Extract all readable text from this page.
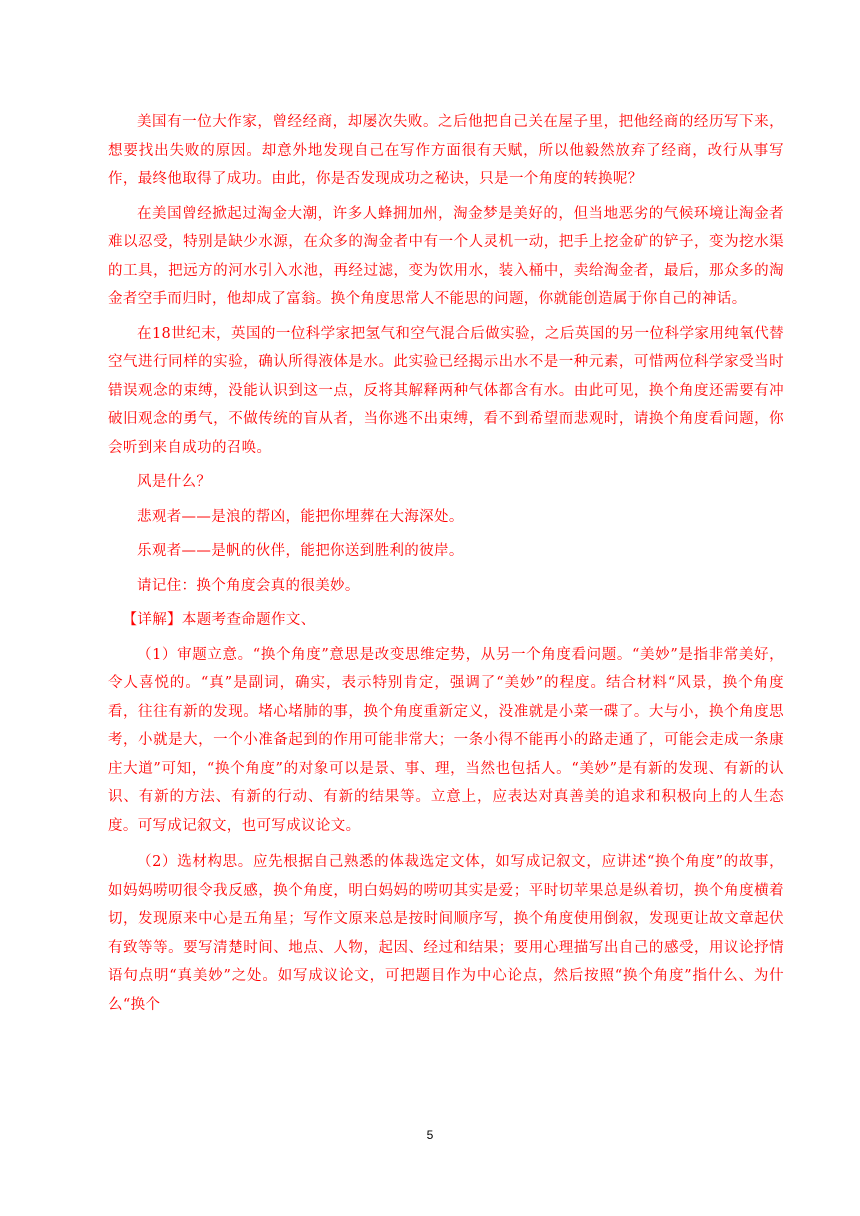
美国有一位大作家，曾经经商，却屡次失败。之后他把自己关在屋子里，把他经商的经历写下来，想要找出失败的原因。却意外地发现自己在写作方面很有天赋，所以他毅然放弃了经商，改行从事写作，最终他取得了成功。由此，你是否发现成功之秘诀，只是一个角度的转换呢？

在美国曾经掀起过淘金大潮，许多人蜂拥加州，淘金梦是美好的，但当地恶劣的气候环境让淘金者难以忍受，特别是缺少水源，在众多的淘金者中有一个人灵机一动，把手上挖金矿的铲子，变为挖水渠的工具，把远方的河水引入水池，再经过滤，变为饮用水，装入桶中，卖给淘金者，最后，那众多的淘金者空手而归时，他却成了富翁。换个角度思常人不能思的问题，你就能创造属于你自己的神话。

在18世纪末，英国的一位科学家把氢气和空气混合后做实验，之后英国的另一位科学家用纯氧代替空气进行同样的实验，确认所得液体是水。此实验已经揭示出水不是一种元素，可惜两位科学家受当时错误观念的束缚，没能认识到这一点，反将其解释两种气体都含有水。由此可见，换个角度还需要有冲破旧观念的勇气，不做传统的盲从者，当你逃不出束缚，看不到希望而悲观时，请换个角度看问题，你会听到来自成功的召唤。

风是什么？

悲观者——是浪的帮凶，能把你埋葬在大海深处。

乐观者——是帆的伙伴，能把你送到胜利的彼岸。

请记住：换个角度会真的很美妙。

【详解】本题考查命题作文、

（1）审题立意。“换个角度”意思是改变思维定势，从另一个角度看问题。“美妙”是指非常美好，令人喜悦的。“真”是副词，确实，表示特别肯定，强调了“美妙”的程度。结合材料“风景，换个角度看，往往有新的发现。堵心堵肺的事，换个角度重新定义，没准就是小菜一碟了。大与小，换个角度思考，小就是大，一个小准备起到的作用可能非常大；一条小得不能再小的路走通了，可能会走成一条康庄大道”可知，“换个角度”的对象可以是景、事、理，当然也包括人。“美妙”是有新的发现、有新的认识、有新的方法、有新的行动、有新的结果等。立意上，应表达对真善美的追求和积极向上的人生态度。可写成记叙文，也可写成议论文。

（2）选材构思。应先根据自己熟悉的体裁选定文体，如写成记叙文，应讲述“换个角度”的故事，如妈妈唠叨很令我反感，换个角度，明白妈妈的唠叨其实是爱；平时切苹果总是纵着切，换个角度横着切，发现原来中心是五角星；写作文原来总是按时间顺序写，换个角度使用倒叙，发现更让故文章起伏有致等等。要写清楚时间、地点、人物，起因、经过和结果；要用心理描写出自己的感受，用议论抒情语句点明“真美妙”之处。如写成议论文，可把题目作为中心论点，然后按照“换个角度”指什么、为什么“换个

5
